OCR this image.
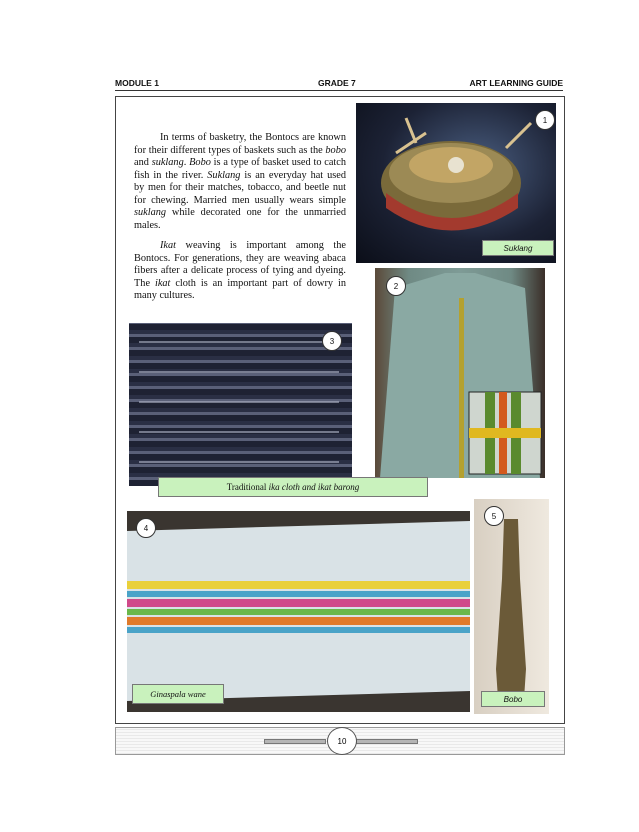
MODULE 1	GRADE 7	ART LEARNING GUIDE

In terms of basketry, the Bontocs are known for their different types of baskets such as the bobo and suklang. Bobo is a type of basket used to catch fish in the river. Suklang is an everyday hat used by men for their matches, tobacco, and beetle nut for chewing. Married men usually wears simple suklang while decorated one for the unmarried males.

Ikat weaving is important among the Bontocs. For generations, they are weaving abaca fibers after a delicate process of tying and dyeing. The ikat cloth is an important part of dowry in many cultures.

1
Suklang
2
3
Traditional
ika cloth and ikat barong
4
Ginaspala wane
5
Bobo
10
